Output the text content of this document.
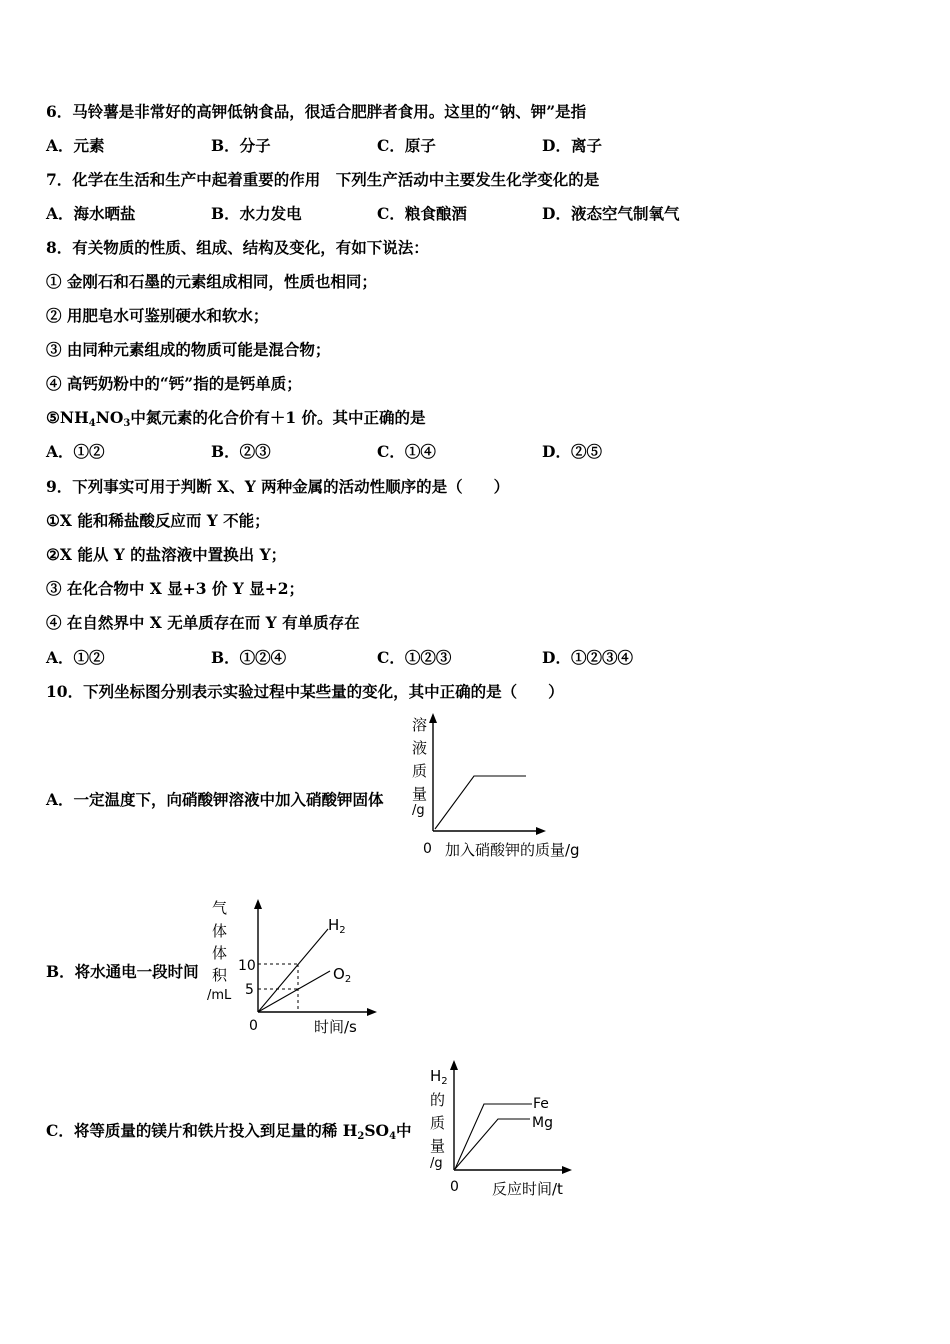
6．马铃薯是非常好的高钾低钠食品，很适合肥胖者食用。这里的“钠、钾”是指
A．元素	B．分子	C．原子	D．离子
7．化学在生活和生产中起着重要的作用　下列生产活动中主要发生化学变化的是
A．海水晒盐	B．水力发电	C．粮食酿酒	D．液态空气制氧气
8．有关物质的性质、组成、结构及变化，有如下说法：
① 金刚石和石墨的元素组成相同，性质也相同；
② 用肥皂水可鉴别硬水和软水；
③ 由同种元素组成的物质可能是混合物；
④ 高钙奶粉中的“钙”指的是钙单质；
$⑤NH_4NO_3$中氮元素的化合价有＋1 价。其中正确的是
A．①②	B．②③	C．①④	D．②⑤
9．下列事实可用于判断 X、Y 两种金属的活动性顺序的是（　　）
①X 能和稀盐酸反应而 Y 不能；
②X 能从 Y 的盐溶液中置换出 Y；
③ 在化合物中 X 显+3 价 Y 显+2；
④ 在自然界中 X 无单质存在而 Y 有单质存在
A．①②	B．①②④	C．①②③	D．①②③④
10．下列坐标图分别表示实验过程中某些量的变化，其中正确的是（　　）
A．一定温度下，向硝酸钾溶液中加入硝酸钾固体
溶
液
质
量
/g
0 加入硝酸钾的质量/g
B．将水通电一段时间
气
体
体
积
/mL
10
5
$H_2$
$O_2$
0	时间/s
C．将等质量的镁片和铁片投入到足量的稀 $H_2SO_4$中
$H_2$
的
质
量
/g
Fe
Mg
0 反应时间/t
